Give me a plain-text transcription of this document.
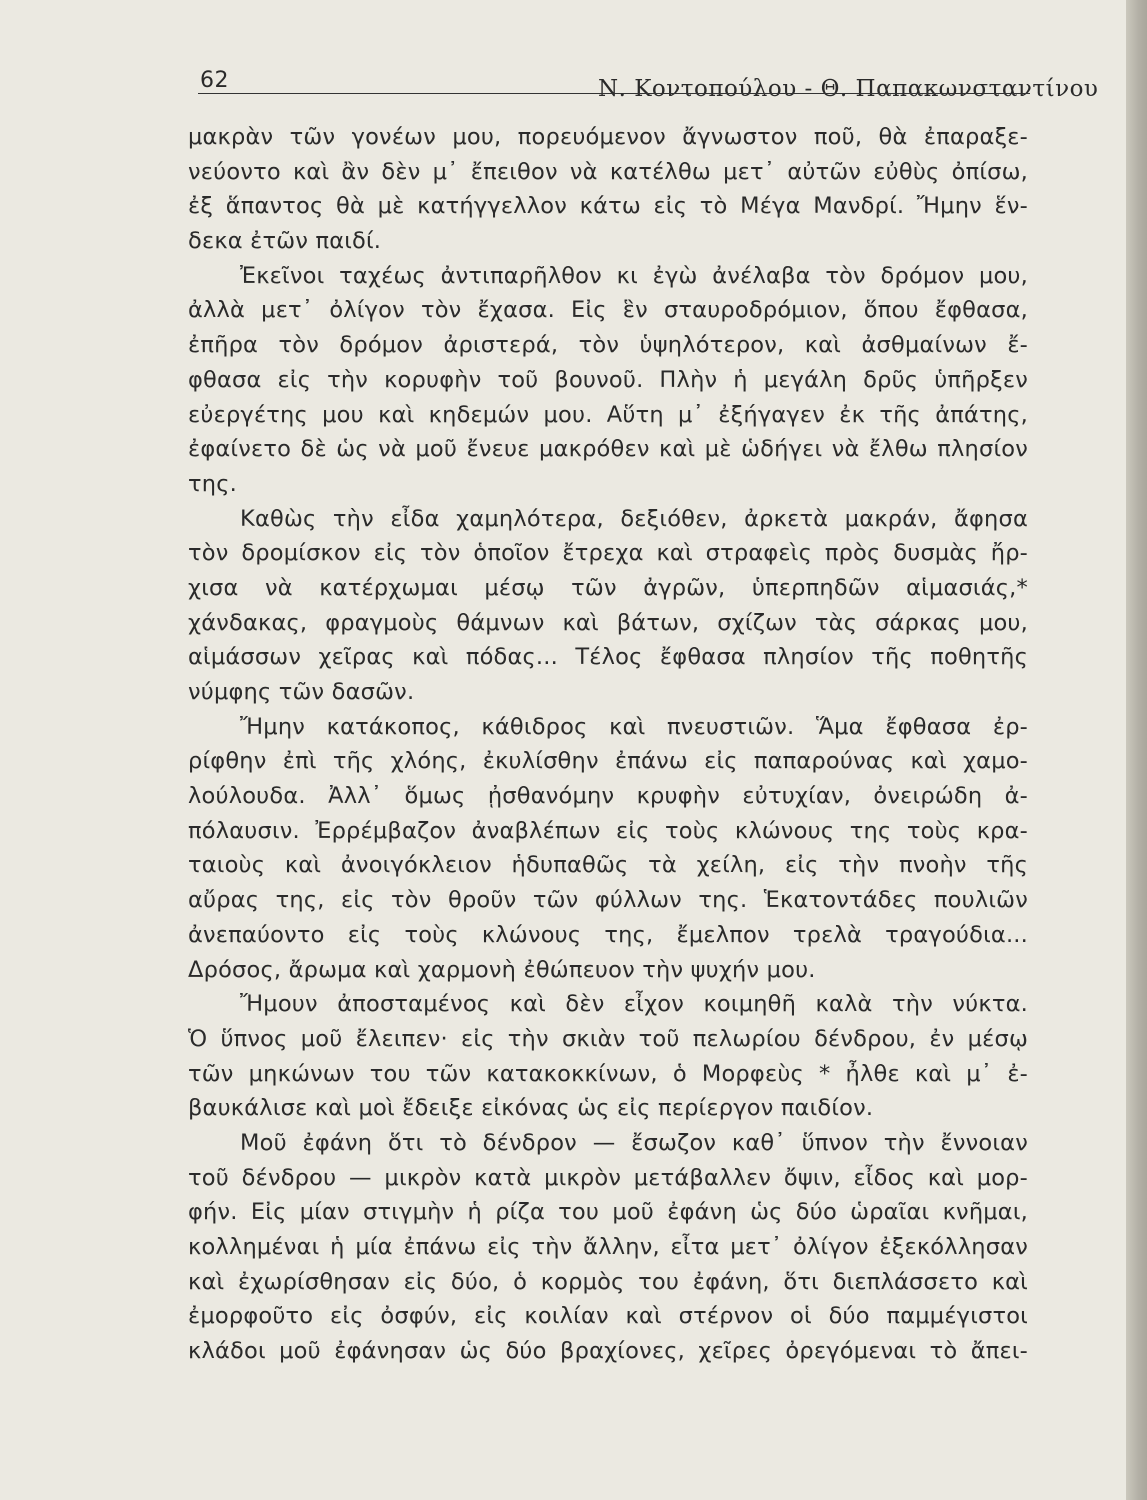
62	Ν. Κοντοπούλου - Θ. Παπακωνσταντίνου
μακρὰν τῶν γονέων μου, πορευόμενον ἄγνωστον ποῦ, θὰ ἐπαραξε-
νεύοντο καὶ ἂν δὲν μ᾽ ἔπειθον νὰ κατέλθω μετ᾽ αὐτῶν εὐθὺς ὀπίσω,
ἐξ ἅπαντος θὰ μὲ κατήγγελλον κάτω εἰς τὸ Μέγα Μανδρί. Ἤμην ἕν-
δεκα ἐτῶν παιδί.
Ἐκεῖνοι ταχέως ἀντιπαρῆλθον κι ἐγὼ ἀνέλαβα τὸν δρόμον μου,
ἀλλὰ μετ᾽ ὀλίγον τὸν ἔχασα. Εἰς ἓν σταυροδρόμιον, ὅπου ἔφθασα,
ἐπῆρα τὸν δρόμον ἀριστερά, τὸν ὑψηλότερον, καὶ ἀσθμαίνων ἔ-
φθασα εἰς τὴν κορυφὴν τοῦ βουνοῦ. Πλὴν ἡ μεγάλη δρῦς ὑπῆρξεν
εὐεργέτης μου καὶ κηδεμών μου. Αὕτη μ᾽ ἐξήγαγεν ἐκ τῆς ἀπάτης,
ἐφαίνετο δὲ ὡς νὰ μοῦ ἔνευε μακρόθεν καὶ μὲ ὡδήγει νὰ ἔλθω πλησίον
της.
Καθὼς τὴν εἶδα χαμηλότερα, δεξιόθεν, ἀρκετὰ μακράν, ἄφησα
τὸν δρομίσκον εἰς τὸν ὁποῖον ἔτρεχα καὶ στραφεὶς πρὸς δυσμὰς ἤρ-
χισα νὰ κατέρχωμαι μέσῳ τῶν ἀγρῶν, ὑπερπηδῶν αἱμασιάς,*
χάνδακας, φραγμοὺς θάμνων καὶ βάτων, σχίζων τὰς σάρκας μου,
αἱμάσσων χεῖρας καὶ πόδας... Τέλος ἔφθασα πλησίον τῆς ποθητῆς
νύμφης τῶν δασῶν.
Ἤμην κατάκοπος, κάθιδρος καὶ πνευστιῶν. Ἅμα ἔφθασα ἐρ-
ρίφθην ἐπὶ τῆς χλόης, ἐκυλίσθην ἐπάνω εἰς παπαρούνας καὶ χαμο-
λούλουδα. Ἀλλ᾽ ὅμως ᾐσθανόμην κρυφὴν εὐτυχίαν, ὀνειρώδη ἀ-
πόλαυσιν. Ἐρρέμβαζον ἀναβλέπων εἰς τοὺς κλώνους της τοὺς κρα-
ταιοὺς καὶ ἀνοιγόκλειον ἡδυπαθῶς τὰ χείλη, εἰς τὴν πνοὴν τῆς
αὔρας της, εἰς τὸν θροῦν τῶν φύλλων της. Ἑκατοντάδες πουλιῶν
ἀνεπαύοντο εἰς τοὺς κλώνους της, ἔμελπον τρελὰ τραγούδια...
Δρόσος, ἄρωμα καὶ χαρμονὴ ἐθώπευον τὴν ψυχήν μου.
Ἤμουν ἀποσταμένος καὶ δὲν εἶχον κοιμηθῆ καλὰ τὴν νύκτα.
Ὁ ὕπνος μοῦ ἔλειπεν· εἰς τὴν σκιὰν τοῦ πελωρίου δένδρου, ἐν μέσῳ
τῶν μηκώνων του τῶν κατακοκκίνων, ὁ Μορφεὺς * ἦλθε καὶ μ᾽ ἐ-
βαυκάλισε καὶ μοὶ ἔδειξε εἰκόνας ὡς εἰς περίεργον παιδίον.
Μοῦ ἐφάνη ὅτι τὸ δένδρον — ἔσωζον καθ᾽ ὕπνον τὴν ἔννοιαν
τοῦ δένδρου — μικρὸν κατὰ μικρὸν μετάβαλλεν ὄψιν, εἶδος καὶ μορ-
φήν. Εἰς μίαν στιγμὴν ἡ ρίζα του μοῦ ἐφάνη ὡς δύο ὡραῖαι κνῆμαι,
κολλημέναι ἡ μία ἐπάνω εἰς τὴν ἄλλην, εἶτα μετ᾽ ὀλίγον ἐξεκόλλησαν
καὶ ἐχωρίσθησαν εἰς δύο, ὁ κορμὸς του ἐφάνη, ὅτι διεπλάσσετο καὶ
ἐμορφοῦτο εἰς ὀσφύν, εἰς κοιλίαν καὶ στέρνον οἱ δύο παμμέγιστοι
κλάδοι μοῦ ἐφάνησαν ὡς δύο βραχίονες, χεῖρες ὀρεγόμεναι τὸ ἄπει-
